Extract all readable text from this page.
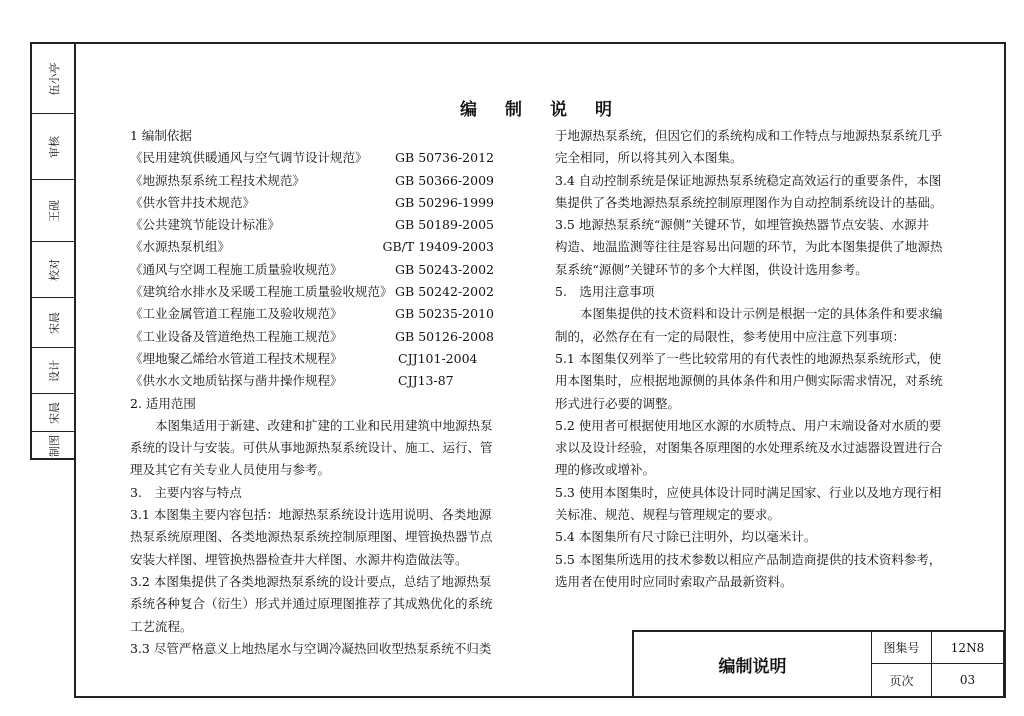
伍小亭
审核
王砚
校对
宋晨
设计
宋晨
制图
编制说明
1 编制依据
《民用建筑供暖通风与空气调节设计规范》	GB 50736-2012
《地源热泵系统工程技术规范》	GB 50366-2009
《供水管井技术规范》	GB 50296-1999
《公共建筑节能设计标准》	GB 50189-2005
《水源热泵机组》	GB/T 19409-2003
《通风与空调工程施工质量验收规范》	GB 50243-2002
《建筑给水排水及采暖工程施工质量验收规范》 GB 50242-2002
《工业金属管道工程施工及验收规范》	GB 50235-2010
《工业设备及管道绝热工程施工规范》	GB 50126-2008
《埋地聚乙烯给水管道工程技术规程》	CJJ101-2004
《供水水文地质钻探与凿井操作规程》	CJJ13-87
2. 适用范围
　　本图集适用于新建、改建和扩建的工业和民用建筑中地源热泵
系统的设计与安装。可供从事地源热泵系统设计、施工、运行、管
理及其它有关专业人员使用与参考。
3.　主要内容与特点
3.1 本图集主要内容包括：地源热泵系统设计选用说明、各类地源
热泵系统原理图、各类地源热泵系统控制原理图、埋管换热器节点
安装大样图、埋管换热器检查井大样图、水源井构造做法等。
3.2 本图集提供了各类地源热泵系统的设计要点，总结了地源热泵
系统各种复合（衍生）形式并通过原理图推荐了其成熟优化的系统
工艺流程。
3.3 尽管严格意义上地热尾水与空调冷凝热回收型热泵系统不归类
于地源热泵系统，但因它们的系统构成和工作特点与地源热泵系统几乎
完全相同，所以将其列入本图集。
3.4 自动控制系统是保证地源热泵系统稳定高效运行的重要条件，本图
集提供了各类地源热泵系统控制原理图作为自动控制系统设计的基础。
3.5 地源热泵系统“源侧”关键环节，如埋管换热器节点安装、水源井
构造、地温监测等往往是容易出问题的环节，为此本图集提供了地源热
泵系统“源侧”关键环节的多个大样图，供设计选用参考。
5.　选用注意事项
　　本图集提供的技术资料和设计示例是根据一定的具体条件和要求编
制的，必然存在有一定的局限性，参考使用中应注意下列事项：
5.1 本图集仅列举了一些比较常用的有代表性的地源热泵系统形式，使
用本图集时，应根据地源侧的具体条件和用户侧实际需求情况，对系统
形式进行必要的调整。
5.2 使用者可根据使用地区水源的水质特点、用户末端设备对水质的要
求以及设计经验，对图集各原理图的水处理系统及水过滤器设置进行合
理的修改或增补。
5.3 使用本图集时，应使具体设计同时满足国家、行业以及地方现行相
关标准、规范、规程与管理规定的要求。
5.4 本图集所有尺寸除已注明外，均以毫米计。
5.5 本图集所选用的技术参数以相应产品制造商提供的技术资料参考，
选用者在使用时应同时索取产品最新资料。
编制说明
图集号	12N8
页次	03
